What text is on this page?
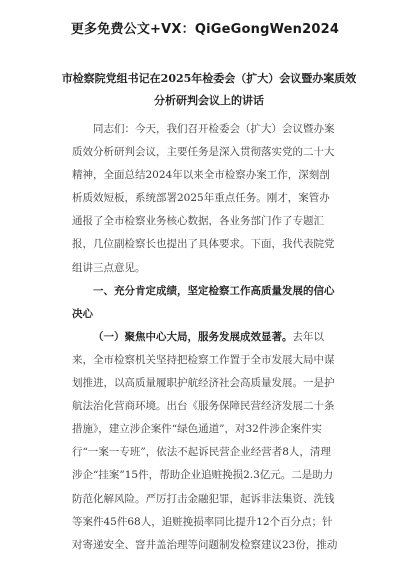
更多免费公文+VX：QiGeGongWen2024
市检察院党组书记在2025年检委会（扩大）会议暨办案质效分析研判会议上的讲话

同志们：今天，我们召开检委会（扩大）会议暨办案质效分析研判会议，主要任务是深入贯彻落实党的二十大精神，全面总结2024年以来全市检察办案工作，深刻剖析质效短板，系统部署2025年重点任务。刚才，案管办通报了全市检察业务核心数据，各业务部门作了专题汇报，几位副检察长也提出了具体要求。下面，我代表院党组讲三点意见。

一、充分肯定成绩，坚定检察工作高质量发展的信心决心

（一）聚焦中心大局，服务发展成效显著。去年以来，全市检察机关坚持把检察工作置于全市发展大局中谋划推进，以高质量履职护航经济社会高质量发展。一是护航法治化营商环境。出台《服务保障民营经济发展二十条措施》，建立涉企案件“绿色通道”，对32件涉企案件实行“一案一专班”，依法不起诉民营企业经营者8人，清理涉企“挂案”15件，帮助企业追赃挽损2.3亿元。二是助力防范化解风险。严厉打击金融犯罪，起诉非法集资、洗钱等案件45件68人，追赃挽损率同比提升12个百分点；针对寄递安全、窨井盖治理等问题制发检察建议23份，推动
